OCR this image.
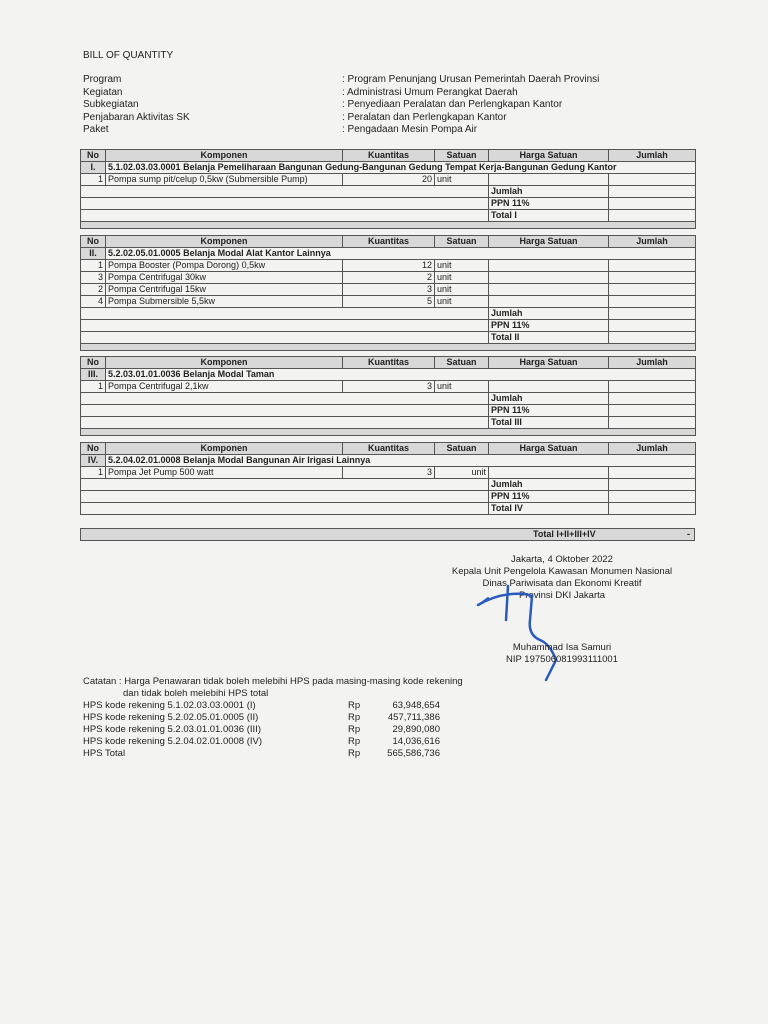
BILL OF QUANTITY
Program	: Program Penunjang Urusan Pemerintah Daerah Provinsi
Kegiatan	: Administrasi Umum Perangkat Daerah
Subkegiatan	: Penyediaan Peralatan dan Perlengkapan Kantor
Penjabaran Aktivitas SK	: Peralatan dan Perlengkapan Kantor
Paket	: Pengadaan Mesin Pompa Air
No	Komponen	Kuantitas	Satuan	Harga Satuan	Jumlah
I.	5.1.02.03.03.0001 Belanja Pemeliharaan Bangunan Gedung-Bangunan Gedung Tempat Kerja-Bangunan Gedung Kantor				
1	Pompa sump pit/celup 0,5kw (Submersible Pump)	20	unit		
				Jumlah	
				PPN 11%	
				Total I	

No	Komponen	Kuantitas	Satuan	Harga Satuan	Jumlah
II.	5.2.02.05.01.0005 Belanja Modal Alat Kantor Lainnya				
1	Pompa Booster (Pompa Dorong) 0,5kw	12	unit		
3	Pompa Centrifugal 30kw	2	unit		
2	Pompa Centrifugal 15kw	3	unit		
4	Pompa Submersible 5,5kw	5	unit		
				Jumlah	
				PPN 11%	
				Total II	

No	Komponen	Kuantitas	Satuan	Harga Satuan	Jumlah
III.	5.2.03.01.01.0036 Belanja Modal Taman				
1	Pompa Centrifugal 2,1kw	3	unit		
				Jumlah	
				PPN 11%	
				Total III	

No	Komponen	Kuantitas	Satuan	Harga Satuan	Jumlah
IV.	5.2.04.02.01.0008 Belanja Modal Bangunan Air Irigasi Lainnya				
1	Pompa Jet Pump 500 watt	3	unit		
				Jumlah	
				PPN 11%	
				Total IV	
Total I+II+III+IV	-
Jakarta, 4 Oktober 2022
Kepala Unit Pengelola Kawasan Monumen Nasional
Dinas Pariwisata dan Ekonomi Kreatif
Provinsi DKI Jakarta
Muhammad Isa Samuri
NIP 197506081993111001
Catatan : Harga Penawaran tidak boleh melebihi HPS pada masing-masing kode rekening
dan tidak boleh melebihi HPS total
HPS kode rekening 5.1.02.03.03.0001 (I)	Rp	63,948,654
HPS kode rekening 5.2.02.05.01.0005 (II)	Rp	457,711,386
HPS kode rekening 5.2.03.01.01.0036 (III)	Rp	29,890,080
HPS kode rekening 5.2.04.02.01.0008 (IV)	Rp	14,036,616
HPS Total	Rp	565,586,736
